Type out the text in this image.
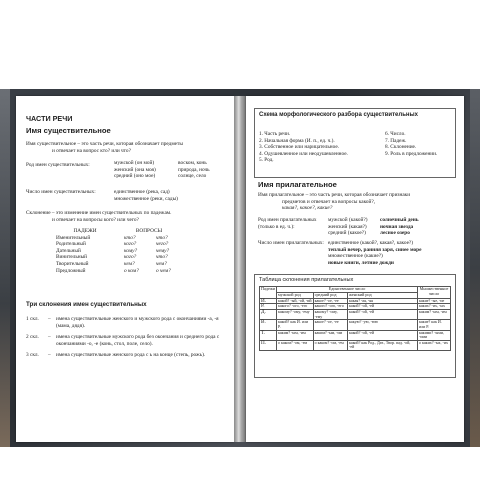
ЧАСТИ РЕЧИ
Имя существительное
Имя существительное – это часть речи, которая обозначает предметы
и отвечает на вопрос кто? или что?
Род имен существительных:	мужской (он мой)	воском, конь
женский (она моя)	природа, ночь
средний (оно мое)	солнце, село
Число имен существительных:	единственное (река, сад)
множественное (реки, сады)
Склонение – это изменение имен существительных по падежам.
и отвечает на вопросы кого? или чего?
ПАДЕЖИ	ВОПРОСЫ
Именительный	кто?	что?
Родительный	кого?	чего?
Дательный	кому?	чему?
Винительный	кого?	что?
Творительный	кем?	чем?
Предложный	о ком?	о чем?
Три склонения имен существительных
1 скл.	–	имена существительные женского и мужского рода с окончаниями -а, -я (мама, дядя).
2 скл.	–	имена существительные мужского рода без окончания и среднего рода с окончаниями -о, -е (конь, стол, поле, село).
3 скл.	–	имена существительные женского рода с ь на конце (степь, рожь).
Схема морфологического разбора существительных
1. Часть речи.
2. Начальная форма (И. п., ед. ч.).
3. Собственное или нарицательное.
4. Одушевленное или неодушевленное.
5. Род.
6. Число.
7. Падеж.
8. Склонение.
9. Роль в предложении.
Имя прилагательное
Имя прилагательное – это часть речи, которая обозначает признаки
предметов и отвечает на вопросы какой?,
какая?, какое?, какие?
Род имен прилагательных
(только в ед. ч.):
мужской (какой?)	солнечный день
женский (какая?)	ночная звезда
средний (какое?)	лесное озеро
Число имен прилагательных: единственное (какой?, какая?, какое?)
теплый вечер, ранняя заря, синее море
множественное (какие?)
новые книги, летние дожди
Таблица склонения прилагательных
Падежи	Единственное число			Множественное число
	мужской род	средний род	женский род	
И.	какой? -ый, -ой, -ий	какое? -ое, -ее	какая? -ая, -яя	какие? -ые, -ие
Р.	какого? -ого, -его	какого? -ого, -его	какой? -ой, -ей	каких? -их, -ых
Д.	какому? -ому, -ему	какому? -ому, -ему	какой? -ой, -ей	каким? -ым, -им
В.	какой? как И. или Р.	какое? -ое, -ее	какую? -ую, -юю	какие? как И. или Р.
Т.	каким? -ым, -им	каким? -ым, -им	какой? -ой, -ей	какими? -ыми, -ими
П.	о каком? -ом, -ем	о каком? -ом, -ем	какой? как Род., Дат., Твор. пад. -ой, -ей	о каких? -ых, -их
